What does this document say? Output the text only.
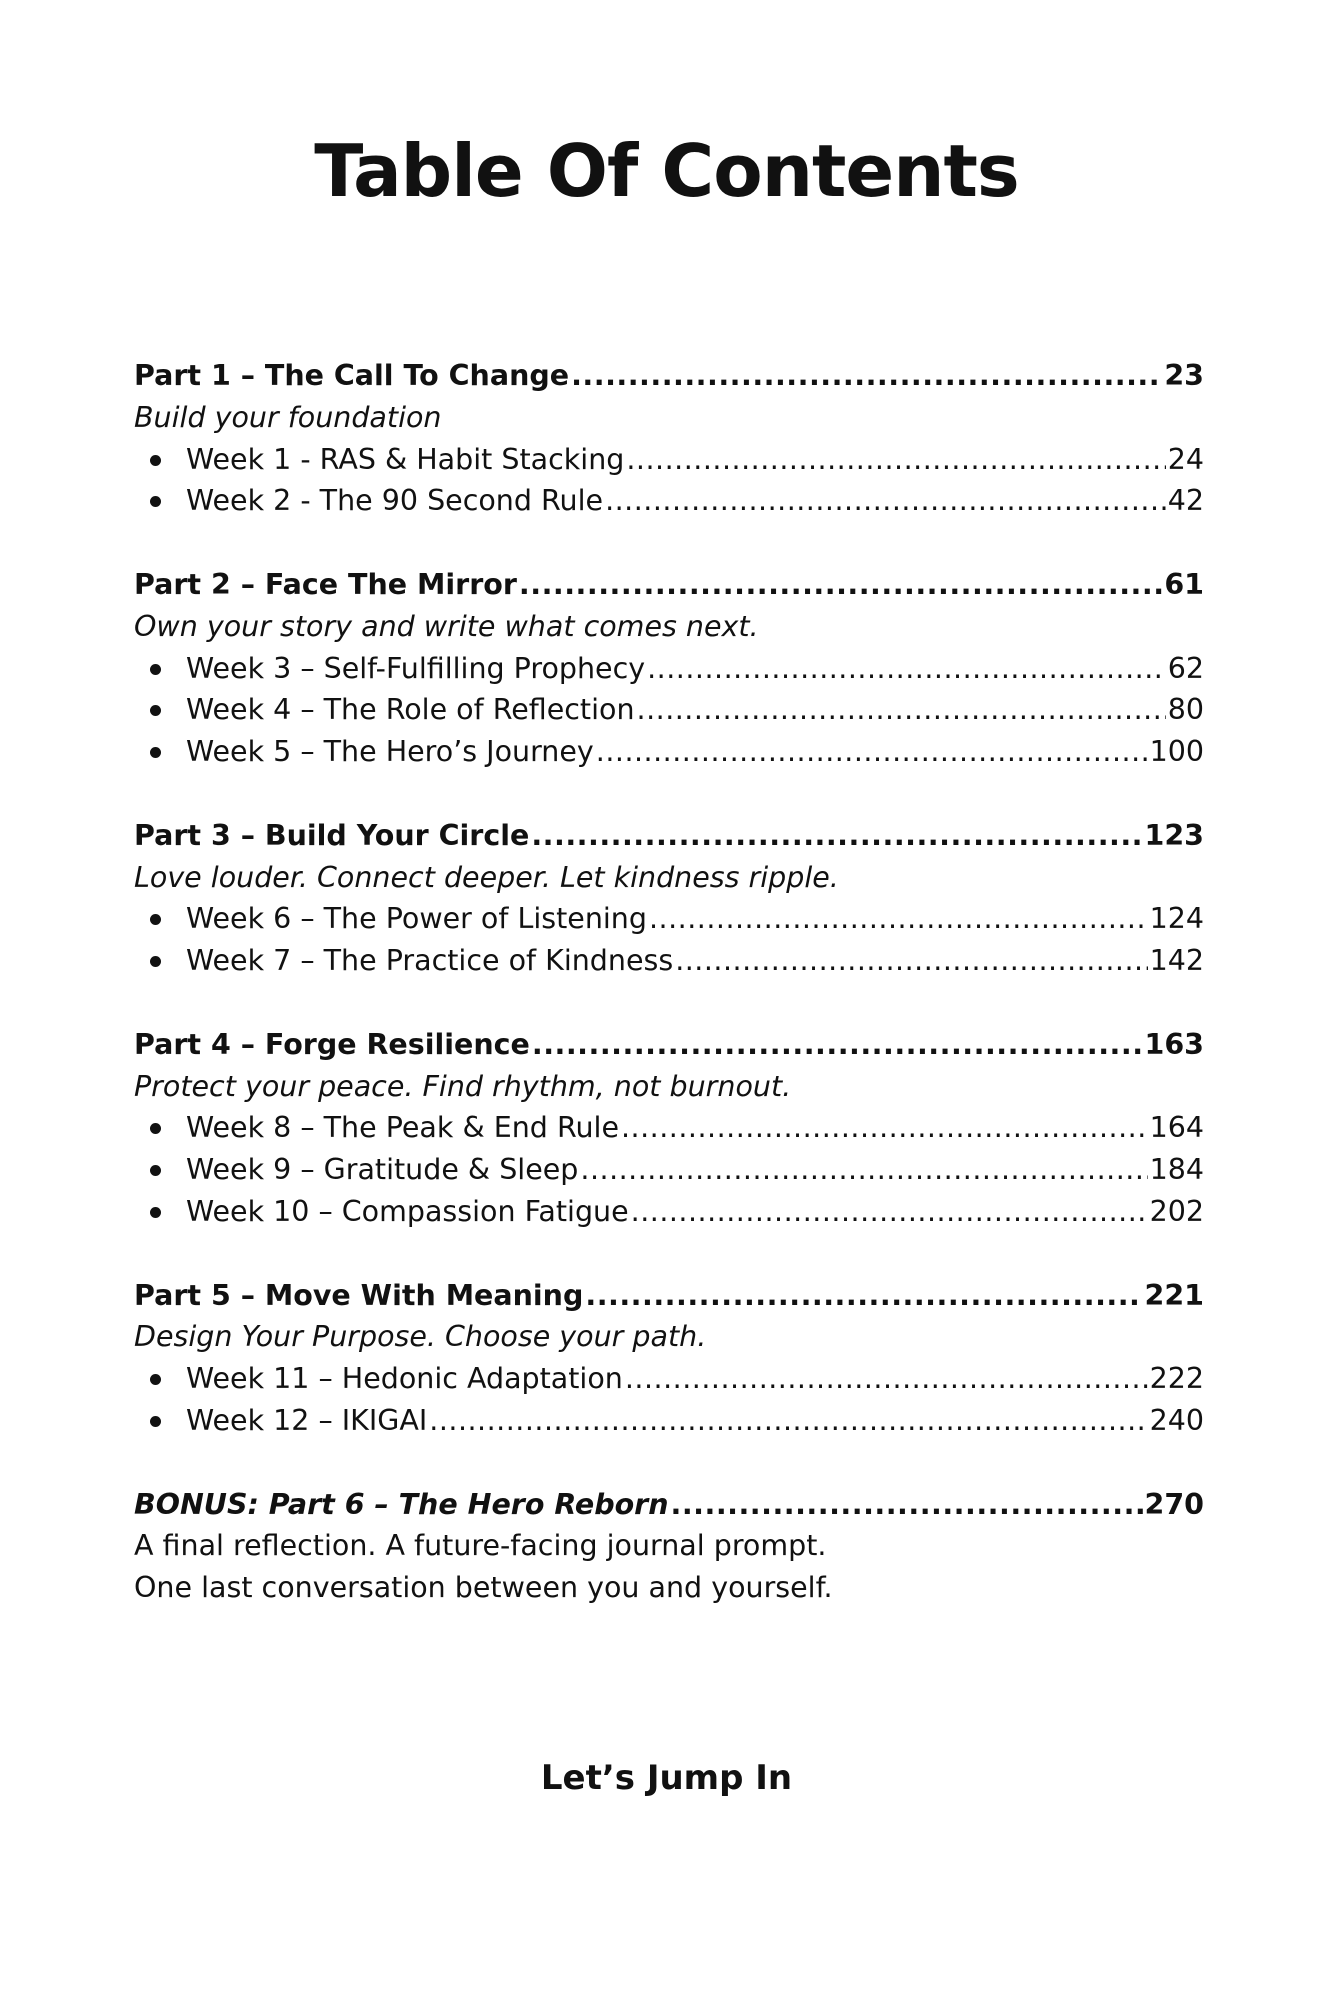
Table Of Contents
Part 1 – The Call To Change .....	23
Build your foundation
Week 1 - RAS & Habit Stacking .....	24
Week 2 - The 90 Second Rule .....	42
Part 2 – Face The Mirror .....	61
Own your story and write what comes next.
Week 3 – Self-Fulfilling Prophecy .....	62
Week 4 – The Role of Reflection .....	80
Week 5 – The Hero’s Journey .....	100
Part 3 – Build Your Circle .....	123
Love louder. Connect deeper. Let kindness ripple.
Week 6 – The Power of Listening .....	124
Week 7 – The Practice of Kindness .....	142
Part 4 – Forge Resilience .....	163
Protect your peace. Find rhythm, not burnout.
Week 8 – The Peak & End Rule .....	164
Week 9 – Gratitude & Sleep .....	184
Week 10 – Compassion Fatigue .....	202
Part 5 – Move With Meaning .....	221
Design Your Purpose. Choose your path.
Week 11 – Hedonic Adaptation .....	222
Week 12 – IKIGAI .....	240
BONUS: Part 6 – The Hero Reborn .....	270
A final reflection. A future-facing journal prompt.
One last conversation between you and yourself.
Let’s Jump In
